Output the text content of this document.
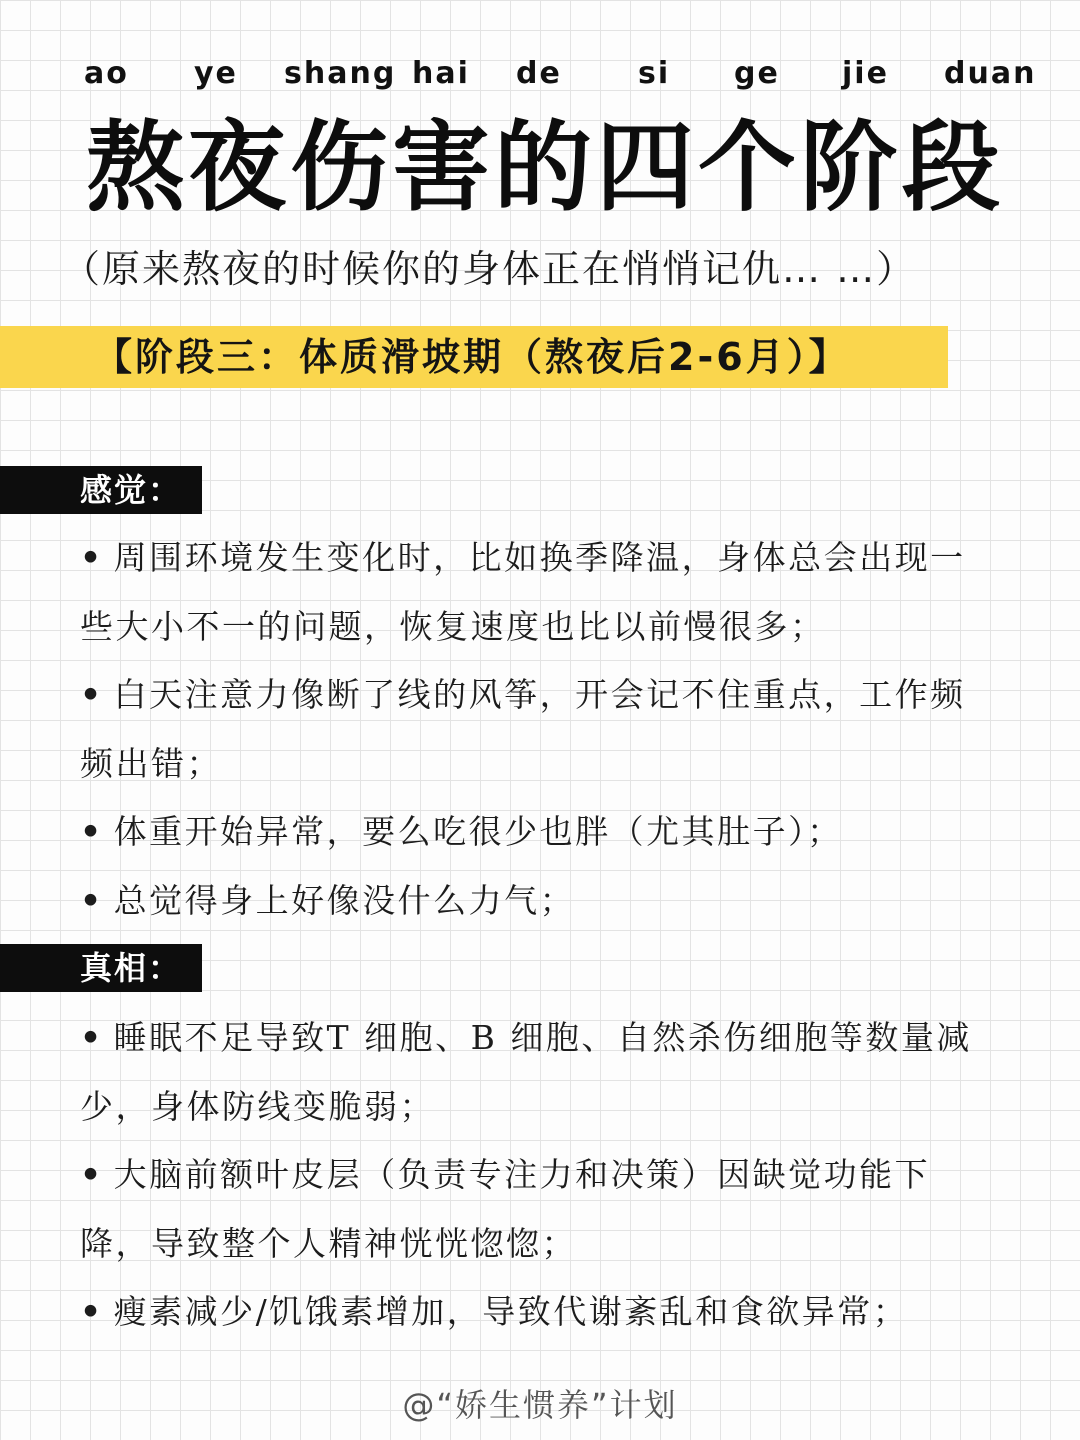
ao ye shang hai de	si ge jie duan
熬夜伤害的四个阶段
（原来熬夜的时候你的身体正在悄悄记仇… …）
【阶段三：体质滑坡期（熬夜后2-6月）】
感觉：
• 周围环境发生变化时，比如换季降温，身体总会出现一些大小不一的问题，恢复速度也比以前慢很多；
• 白天注意力像断了线的风筝，开会记不住重点，工作频频出错；
• 体重开始异常，要么吃很少也胖（尤其肚子）；
• 总觉得身上好像没什么力气；
真相：
• 睡眠不足导致T 细胞、B 细胞、自然杀伤细胞等数量减少，身体防线变脆弱；
• 大脑前额叶皮层（负责专注力和决策）因缺觉功能下降，导致整个人精神恍恍惚惚；
• 瘦素减少/饥饿素增加，导致代谢紊乱和食欲异常；
@“娇生惯养”计划
